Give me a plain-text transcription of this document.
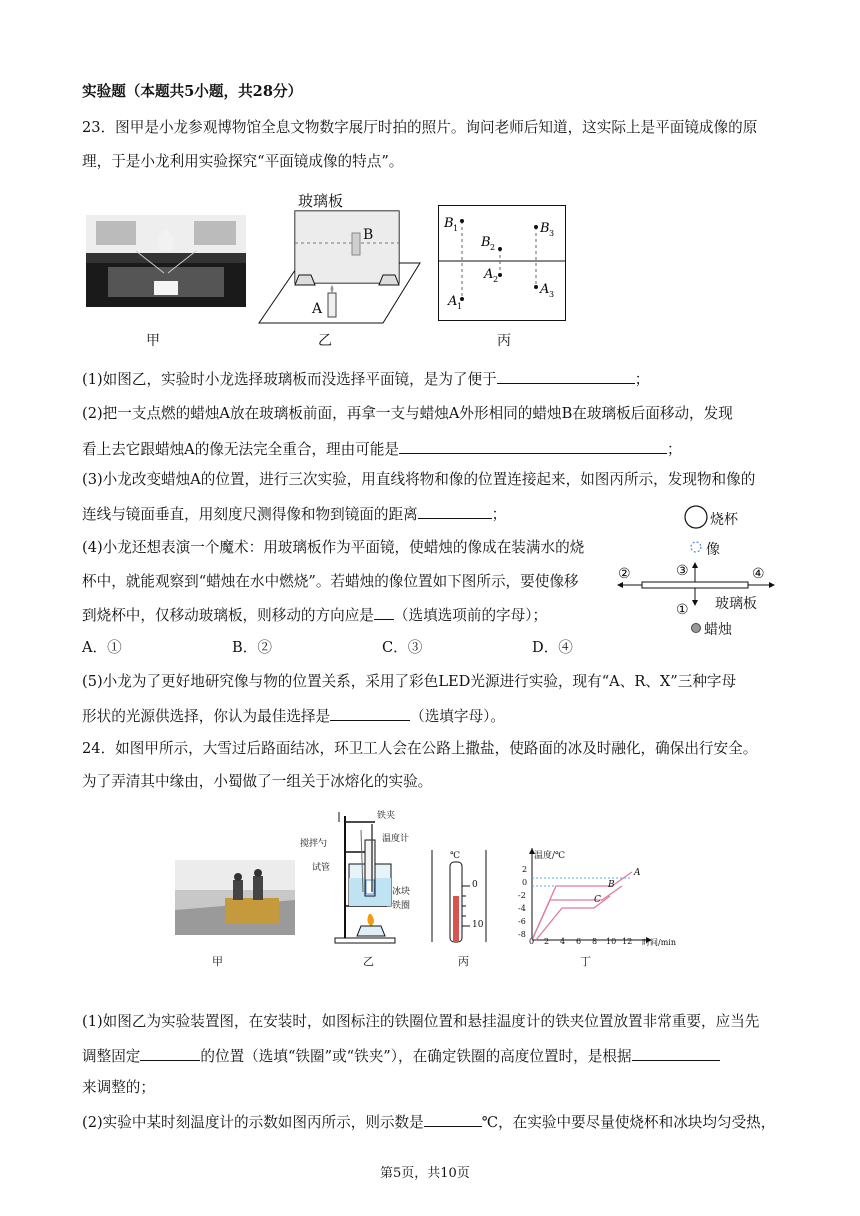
实验题（本题共5小题，共28分）
23．图甲是小龙参观博物馆全息文物数字展厅时拍的照片。询问老师后知道，这实际上是平面镜成像的原
理，于是小龙利用实验探究“平面镜成像的特点”。
甲
玻璃板
B
A
乙
B 1
B 2
B 3
A 1
A 2
A 3
丙
(1)如图乙，实验时小龙选择玻璃板而没选择平面镜，是为了便于	；
(2)把一支点燃的蜡烛A放在玻璃板前面，再拿一支与蜡烛A外形相同的蜡烛B在玻璃板后面移动，发现
看上去它跟蜡烛A的像无法完全重合，理由可能是	；
(3)小龙改变蜡烛A的位置，进行三次实验，用直线将物和像的位置连接起来，如图丙所示，发现物和像的
连线与镜面垂直，用刻度尺测得像和物到镜面的距离	；
(4)小龙还想表演一个魔术：用玻璃板作为平面镜，使蜡烛的像成在装满水的烧
杯中，就能观察到“蜡烛在水中燃烧”。若蜡烛的像位置如下图所示，要使像移
到烧杯中，仅移动玻璃板，则移动的方向应是 （选填选项前的字母）；
A．①	B．②	C．③	D．④
烧杯
像
②	③	④
① 玻璃板
蜡烛
(5)小龙为了更好地研究像与物的位置关系，采用了彩色LED光源进行实验，现有“A、R、X”三种字母
形状的光源供选择，你认为最佳选择是	（选填字母）。
24．如图甲所示，大雪过后路面结冰，环卫工人会在公路上撒盐，使路面的冰及时融化，确保出行安全。
为了弄清其中缘由，小蜀做了一组关于冰熔化的实验。
甲
铁夹
温度计
搅拌勺
试管
冰块
铁圈
乙
℃
0
10
丙
温度/℃
时间/min
2
0
-2
-4
-6
-8
0 2 4 6 8 10 12
A
B
C
丁
(1)如图乙为实验装置图，在安装时，如图标注的铁圈位置和悬挂温度计的铁夹位置放置非常重要，应当先
调整固定	的位置（选填“铁圈”或“铁夹”），在确定铁圈的高度位置时，是根据
来调整的；
(2)实验中某时刻温度计的示数如图丙所示，则示数是	℃，在实验中要尽量使烧杯和冰块均匀受热，
第5页，共10页
